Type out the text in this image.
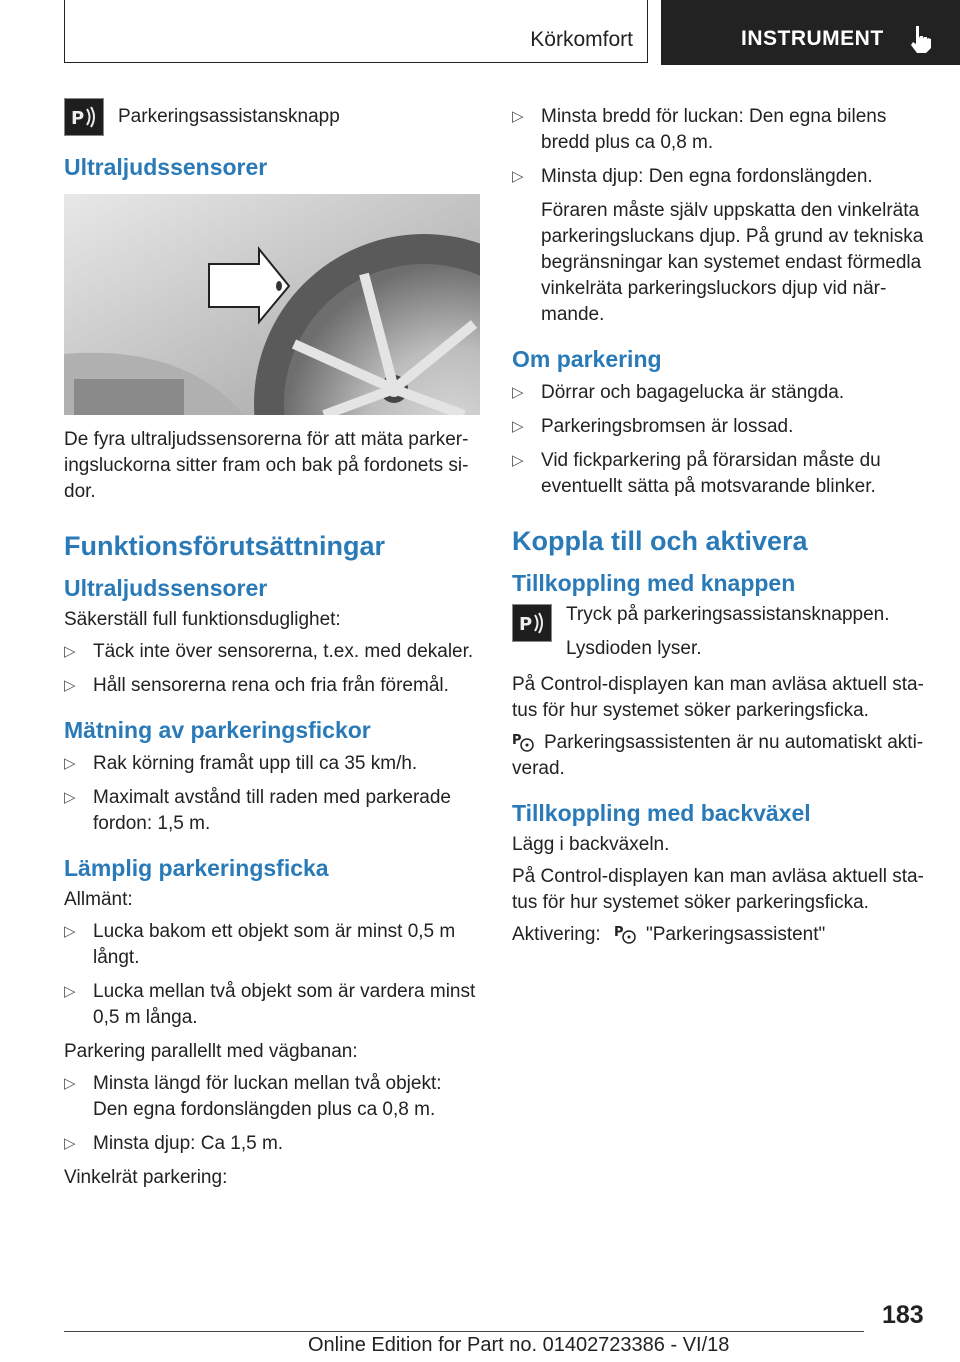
Körkomfort	INSTRUMENT
P Parkeringsassistansknapp
Ultraljudssensorer

De fyra ultraljudssensorerna för att mäta parker-ingsluckorna sitter fram och bak på fordonets si-dor.

Funktionsförutsättningar
Ultraljudssensorer

Säkerställ full funktionsduglighet:

▷ Täck inte över sensorerna, t.ex. med dekaler.
▷ Håll sensorerna rena och fria från föremål.
Mätning av parkeringsfickor
▷ Rak körning framåt upp till ca 35 km/h.
▷ Maximalt avstånd till raden med parkerade fordon: 1,5 m.
Lämplig parkeringsficka

Allmänt:

▷ Lucka bakom ett objekt som är minst 0,5 m långt.
▷ Lucka mellan två objekt som är vardera minst 0,5 m långa.

Parkering parallellt med vägbanan:

▷ Minsta längd för luckan mellan två objekt: Den egna fordonslängden plus ca 0,8 m.
▷ Minsta djup: Ca 1,5 m.

Vinkelrät parkering:

▷ Minsta bredd för luckan: Den egna bilens bredd plus ca 0,8 m.
▷ Minsta djup: Den egna fordonslängden.

Föraren måste själv uppskatta den vinkelräta parkeringsluckans djup. På grund av tekniska begränsningar kan systemet endast förmedla vinkelräta parkeringsluckors djup vid när-mande.

Om parkering
▷ Dörrar och bagagelucka är stängda.
▷ Parkeringsbromsen är lossad.
▷ Vid fickparkering på förarsidan måste du eventuellt sätta på motsvarande blinker.
Koppla till och aktivera
Tillkoppling med knappen
P Tryck på parkeringsassistansknappen.
Lysdioden lyser.

På Control-displayen kan man avläsa aktuell sta-tus för hur systemet söker parkeringsficka.

P Parkeringsassistenten är nu automatiskt akti-verad.

Tillkoppling med backväxel

Lägg i backväxeln.

På Control-displayen kan man avläsa aktuell sta-tus för hur systemet söker parkeringsficka.

Aktivering: P "Parkeringsassistent"

183
Online Edition for Part no. 01402723386 - VI/18
